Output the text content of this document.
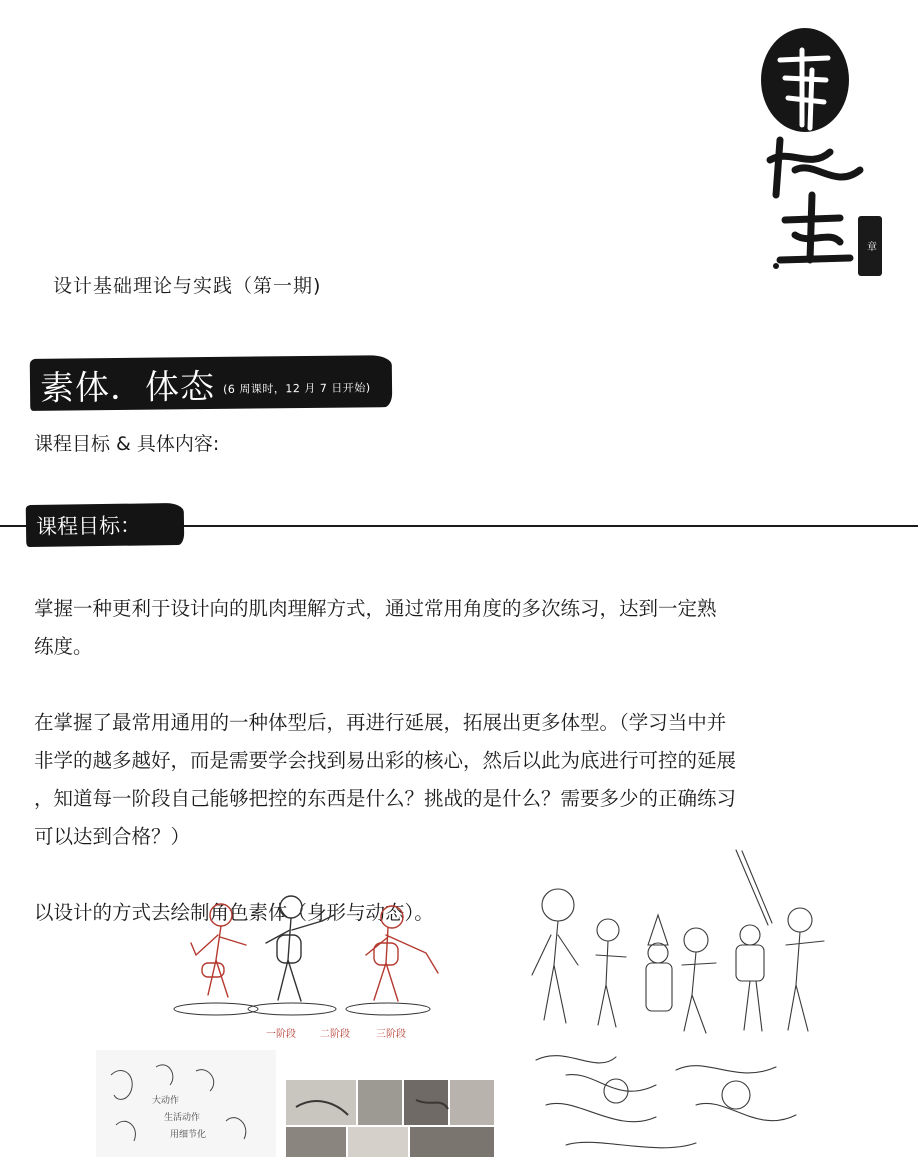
章
设计基础理论与实践（第一期)
素体．体态 (6 周课时，12 月 7 日开始)
课程目标 & 具体内容:
课程目标：

掌握一种更利于设计向的肌肉理解方式，通过常用角度的多次练习，达到一定熟
练度。

在掌握了最常用通用的一种体型后，再进行延展，拓展出更多体型。（学习当中并
非学的越多越好，而是需要学会找到易出彩的核心，然后以此为底进行可控的延展
，知道每一阶段自己能够把控的东西是什么？挑战的是什么？需要多少的正确练习
可以达到合格？）

以设计的方式去绘制角色素体（身形与动态）。

一阶段 二阶段	三阶段
大动作
生活动作
用细节化
